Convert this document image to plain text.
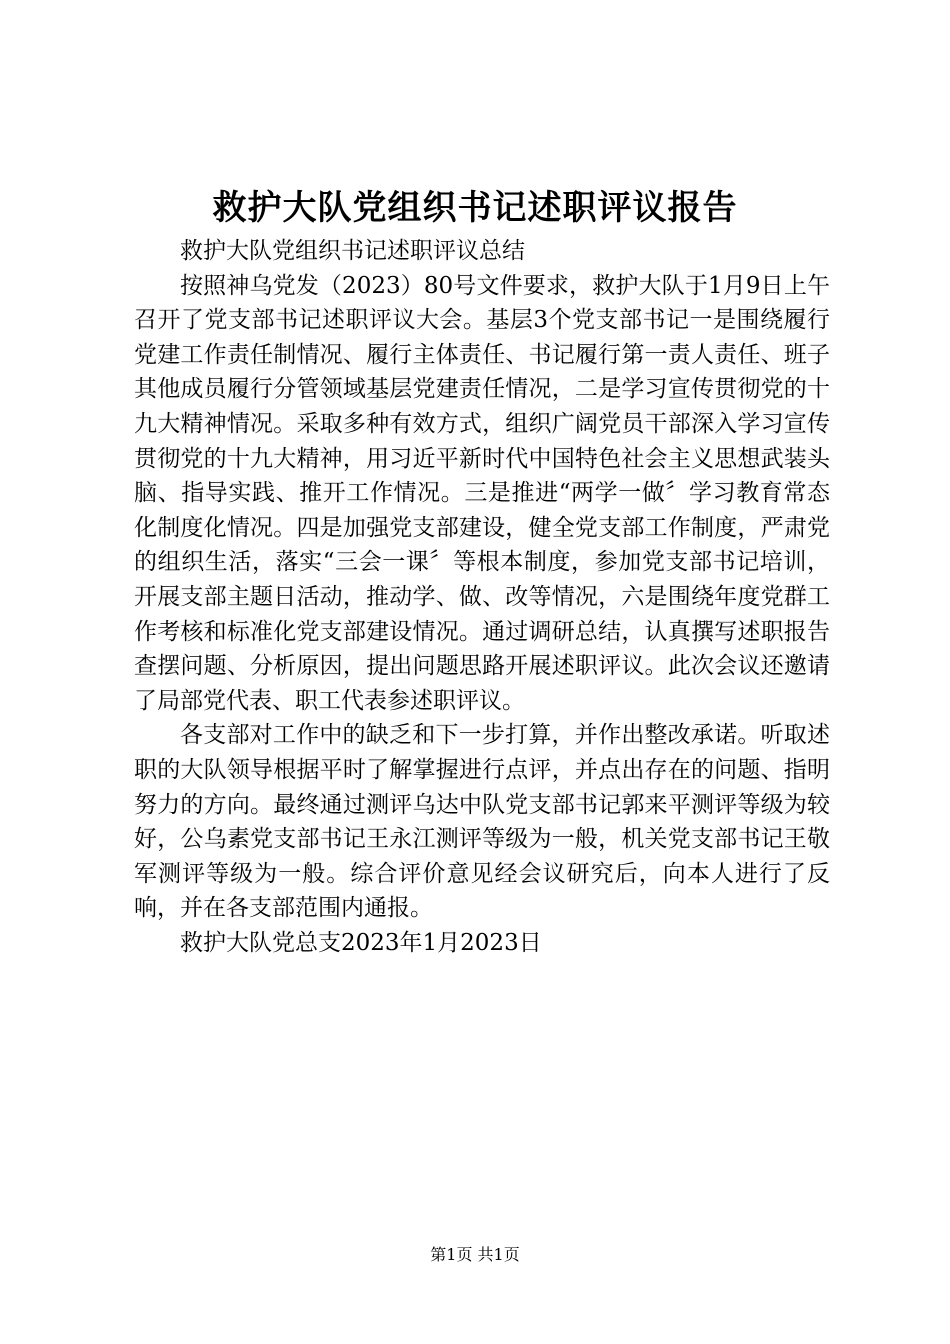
救护大队党组织书记述职评议报告

救护大队党组织书记述职评议总结

按照神乌党发（2023）80号文件要求，救护大队于1月9日上午召开了党支部书记述职评议大会。基层3个党支部书记一是围绕履行党建工作责任制情况、履行主体责任、书记履行第一责人责任、班子其他成员履行分管领域基层党建责任情况，二是学习宣传贯彻党的十九大精神情况。采取多种有效方式，组织广阔党员干部深入学习宣传贯彻党的十九大精神，用习近平新时代中国特色社会主义思想武装头脑、指导实践、推开工作情况。三是推进“两学一做〞学习教育常态化制度化情况。四是加强党支部建设，健全党支部工作制度，严肃党的组织生活，落实“三会一课〞等根本制度，参加党支部书记培训，开展支部主题日活动，推动学、做、改等情况，六是围绕年度党群工作考核和标准化党支部建设情况。通过调研总结，认真撰写述职报告查摆问题、分析原因，提出问题思路开展述职评议。此次会议还邀请了局部党代表、职工代表参述职评议。

各支部对工作中的缺乏和下一步打算，并作出整改承诺。听取述职的大队领导根据平时了解掌握进行点评，并点出存在的问题、指明努力的方向。最终通过测评乌达中队党支部书记郭来平测评等级为较好，公乌素党支部书记王永江测评等级为一般，机关党支部书记王敬军测评等级为一般。综合评价意见经会议研究后，向本人进行了反响，并在各支部范围内通报。

救护大队党总支2023年1月2023日

第1页 共1页
